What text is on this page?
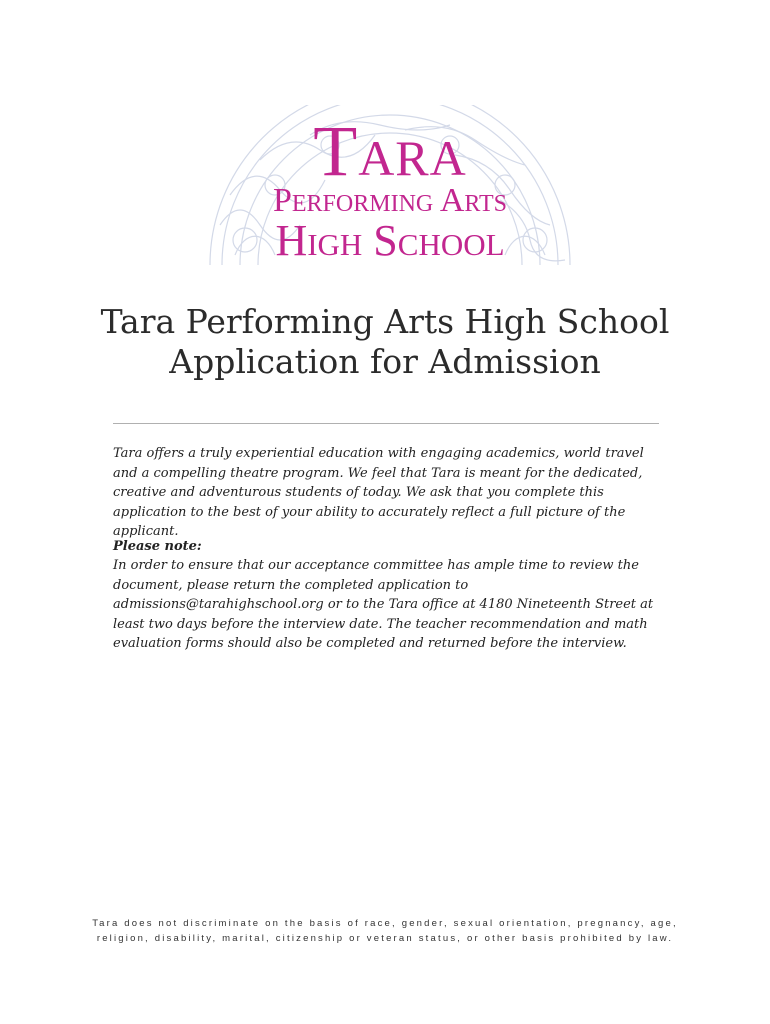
Tara
Performing Arts
High School
Tara Performing Arts High School
Application for Admission

Tara offers a truly experiential education with engaging academics, world travel and a compelling theatre program. We feel that Tara is meant for the dedicated, creative and adventurous students of today. We ask that you complete this application to the best of your ability to accurately reflect a full picture of the applicant.

Please note:

In order to ensure that our acceptance committee has ample time to review the document, please return the completed application to admissions@tarahighschool.org or to the Tara office at 4180 Nineteenth Street at least two days before the interview date. The teacher recommendation and math evaluation forms should also be completed and returned before the interview.

Tara does not discriminate on the basis of race, gender, sexual orientation, pregnancy, age,
religion, disability, marital, citizenship or veteran status, or other basis prohibited by law.
